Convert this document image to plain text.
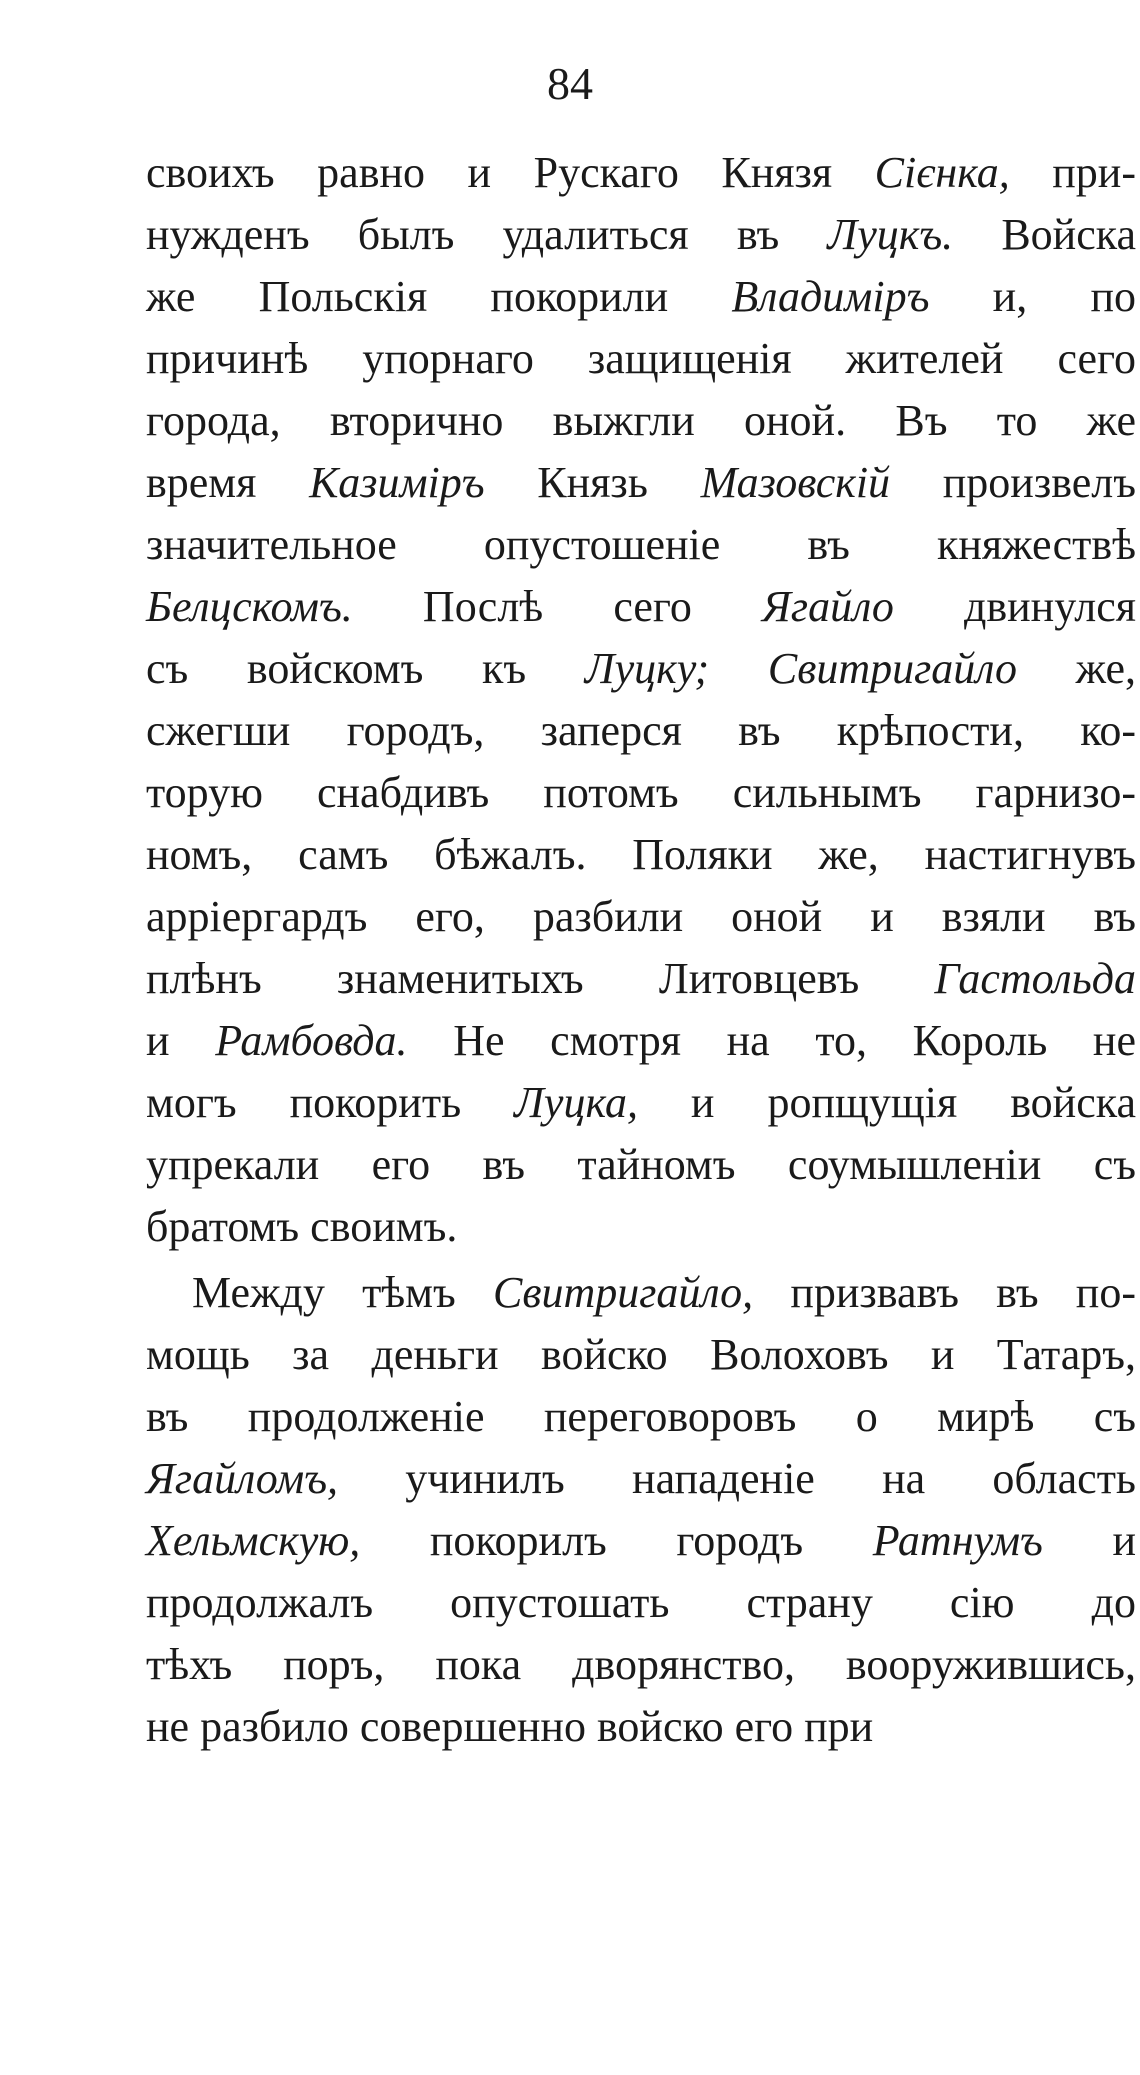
84
своихъ равно и Рускаго Князя Сієнка, при-
нужденъ былъ удалиться въ Луцкъ. Войска
же Польскія покорили Владиміръ и, по
причинѣ упорнаго защищенія жителей сего
города, вторично выжгли оной. Въ то же
время Казиміръ Князь Мазовскій произвелъ
значительное опустошеніе въ княжествѣ
Белцскомъ. Послѣ сего Ягайло двинулся
съ войскомъ къ Луцку; Свитригайло же,
сжегши городъ, заперся въ крѣпости, ко-
торую снабдивъ потомъ сильнымъ гарнизо-
номъ, самъ бѣжалъ. Поляки же, настигнувъ
арріергардъ его, разбили оной и взяли въ
плѣнъ знаменитыхъ Литовцевъ Гастольда
и Рамбовда. Не смотря на то, Король не
могъ покорить Луцка, и ропщущія войска
упрекали его въ тайномъ соумышленіи съ
братомъ своимъ.
Между тѣмъ Свитригайло, призвавъ въ по-
мощь за деньги войско Волоховъ и Татаръ,
въ продолженіе переговоровъ о мирѣ съ
Ягайломъ, учинилъ нападеніе на область
Хельмскую, покорилъ городъ Ратнумъ и
продолжалъ опустошать страну сію до
тѣхъ поръ, пока дворянство, вооружившись,
не разбило совершенно войско его при
